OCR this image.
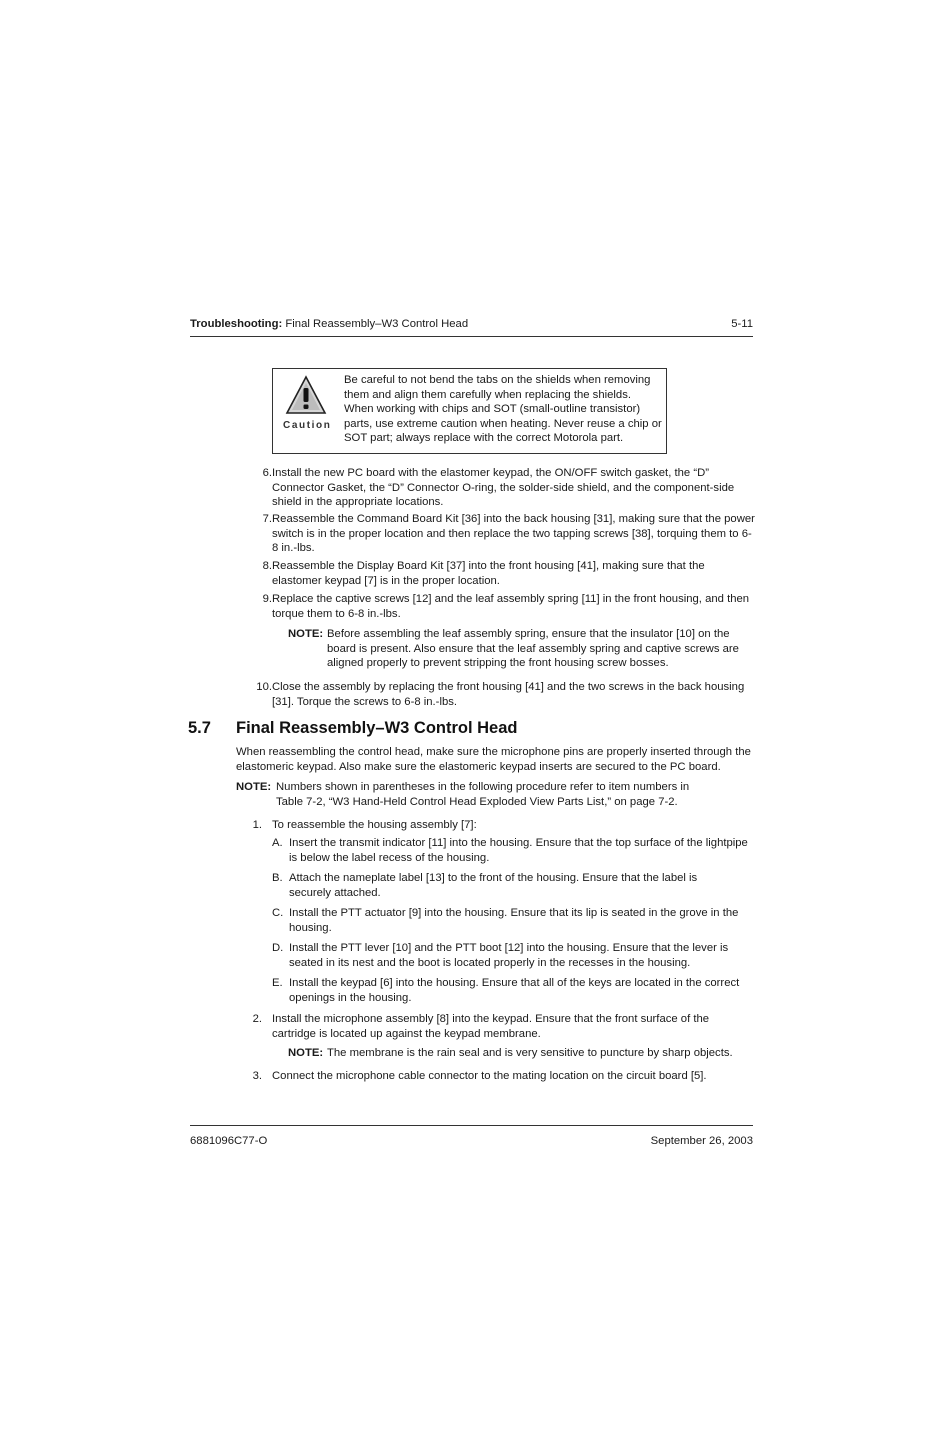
Troubleshooting: Final Reassembly–W3 Control Head	5-11
Caution
Be careful to not bend the tabs on the shields when removing them and align them carefully when replacing the shields. When working with chips and SOT (small-outline transistor) parts, use extreme caution when heating. Never reuse a chip or SOT part; always replace with the correct Motorola part.
6. Install the new PC board with the elastomer keypad, the ON/OFF switch gasket, the “D” Connector Gasket, the “D” Connector O-ring, the solder-side shield, and the component-side shield in the appropriate locations.
7. Reassemble the Command Board Kit [36] into the back housing [31], making sure that the power switch is in the proper location and then replace the two tapping screws [38], torquing them to 6-8 in.-lbs.
8. Reassemble the Display Board Kit [37] into the front housing [41], making sure that the elastomer keypad [7] is in the proper location.
9. Replace the captive screws [12] and the leaf assembly spring [11] in the front housing, and then torque them to 6-8 in.-lbs.
NOTE: Before assembling the leaf assembly spring, ensure that the insulator [10] on the board is present. Also ensure that the leaf assembly spring and captive screws are aligned properly to prevent stripping the front housing screw bosses.
10. Close the assembly by replacing the front housing [41] and the two screws in the back housing [31]. Torque the screws to 6-8 in.-lbs.
5.7 Final Reassembly–W3 Control Head
When reassembling the control head, make sure the microphone pins are properly inserted through the elastomeric keypad. Also make sure the elastomeric keypad inserts are secured to the PC board.
NOTE: Numbers shown in parentheses in the following procedure refer to item numbers in
Table 7-2, “W3 Hand-Held Control Head Exploded View Parts List,” on page 7-2.
1. To reassemble the housing assembly [7]:
A. Insert the transmit indicator [11] into the housing. Ensure that the top surface of the lightpipe is below the label recess of the housing.
B. Attach the nameplate label [13] to the front of the housing. Ensure that the label is securely attached.
C. Install the PTT actuator [9] into the housing. Ensure that its lip is seated in the grove in the housing.
D. Install the PTT lever [10] and the PTT boot [12] into the housing. Ensure that the lever is seated in its nest and the boot is located properly in the recesses in the housing.
E. Install the keypad [6] into the housing. Ensure that all of the keys are located in the correct openings in the housing.
2. Install the microphone assembly [8] into the keypad. Ensure that the front surface of the cartridge is located up against the keypad membrane.
NOTE: The membrane is the rain seal and is very sensitive to puncture by sharp objects.
3. Connect the microphone cable connector to the mating location on the circuit board [5].
6881096C77-O	September 26, 2003
